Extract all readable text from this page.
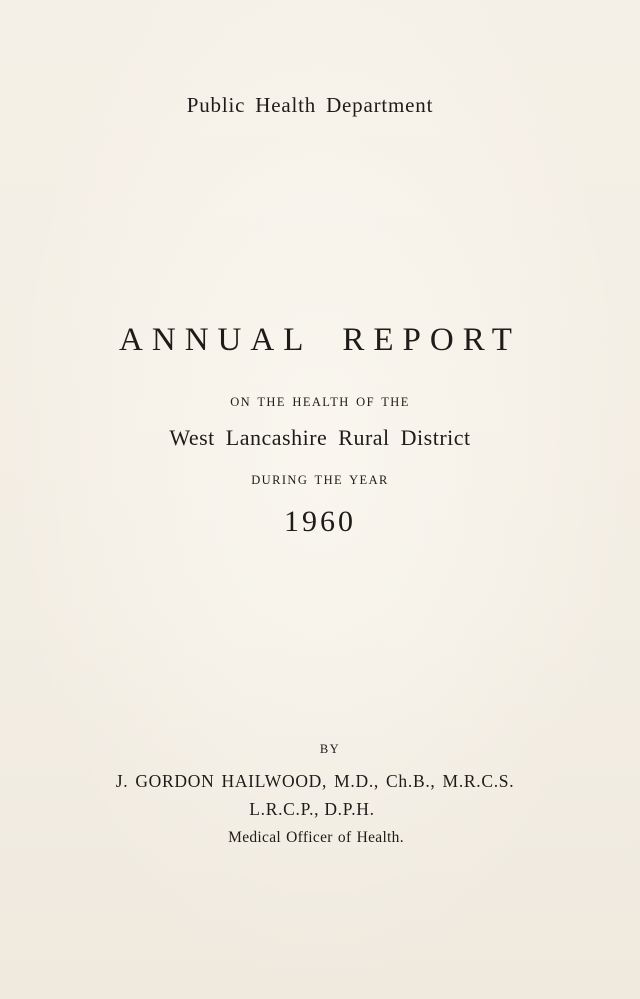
Public Health Department
ANNUAL REPORT
ON THE HEALTH OF THE
West Lancashire Rural District
DURING THE YEAR
1960
BY
J. GORDON HAILWOOD, M.D., Ch.B., M.R.C.S.
L.R.C.P., D.P.H.
Medical Officer of Health.
